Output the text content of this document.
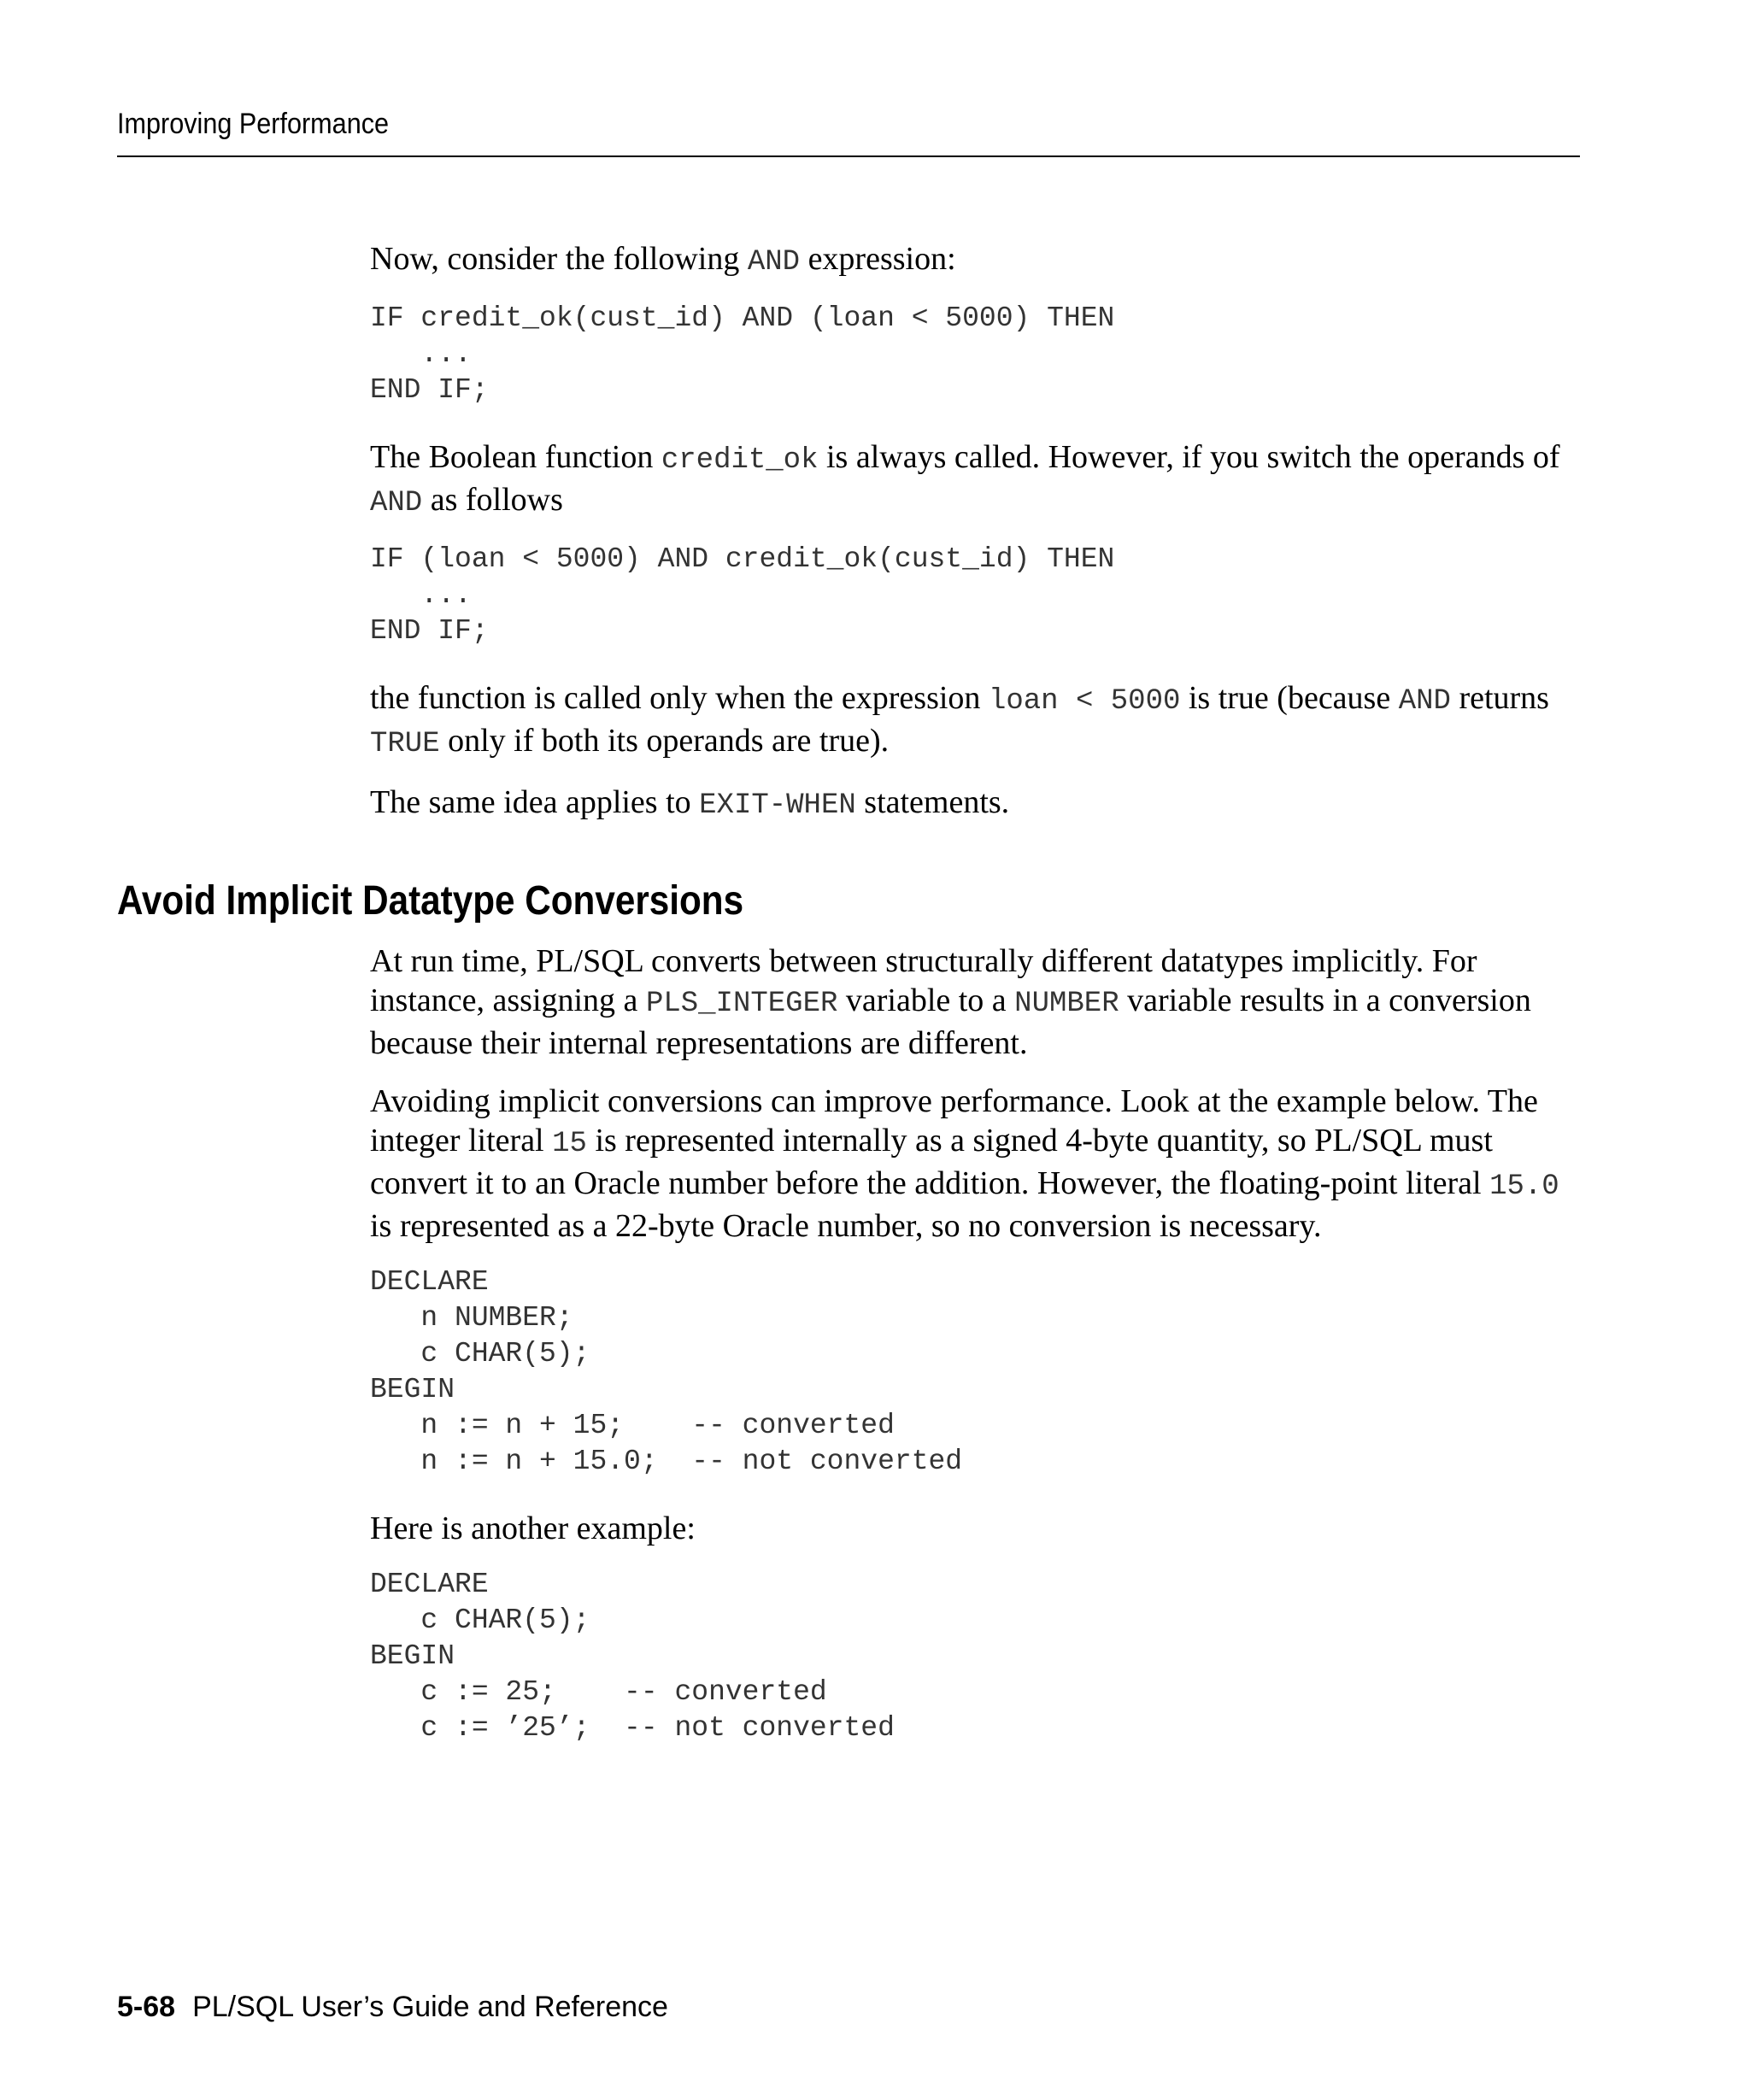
Improving Performance

Now, consider the following AND expression:

IF credit_ok(cust_id) AND (loan < 5000) THEN
...
END IF;

The Boolean function credit_ok is always called. However, if you switch the operands of AND as follows

IF (loan < 5000) AND credit_ok(cust_id) THEN
...
END IF;

the function is called only when the expression loan < 5000 is true (because AND returns TRUE only if both its operands are true).

The same idea applies to EXIT-WHEN statements.

Avoid Implicit Datatype Conversions

At run time, PL/SQL converts between structurally different datatypes implicitly. For instance, assigning a PLS_INTEGER variable to a NUMBER variable results in a conversion because their internal representations are different.

Avoiding implicit conversions can improve performance. Look at the example below. The integer literal 15 is represented internally as a signed 4-byte quantity, so PL/SQL must convert it to an Oracle number before the addition. However, the floating-point literal 15.0 is represented as a 22-byte Oracle number, so no conversion is necessary.

DECLARE
n NUMBER;
c CHAR(5);
BEGIN
n := n + 15;    -- converted
n := n + 15.0;  -- not converted

Here is another example:

DECLARE
c CHAR(5);
BEGIN
c := 25;    -- converted
c := ’25’;  -- not converted
5-68 PL/SQL User’s Guide and Reference
